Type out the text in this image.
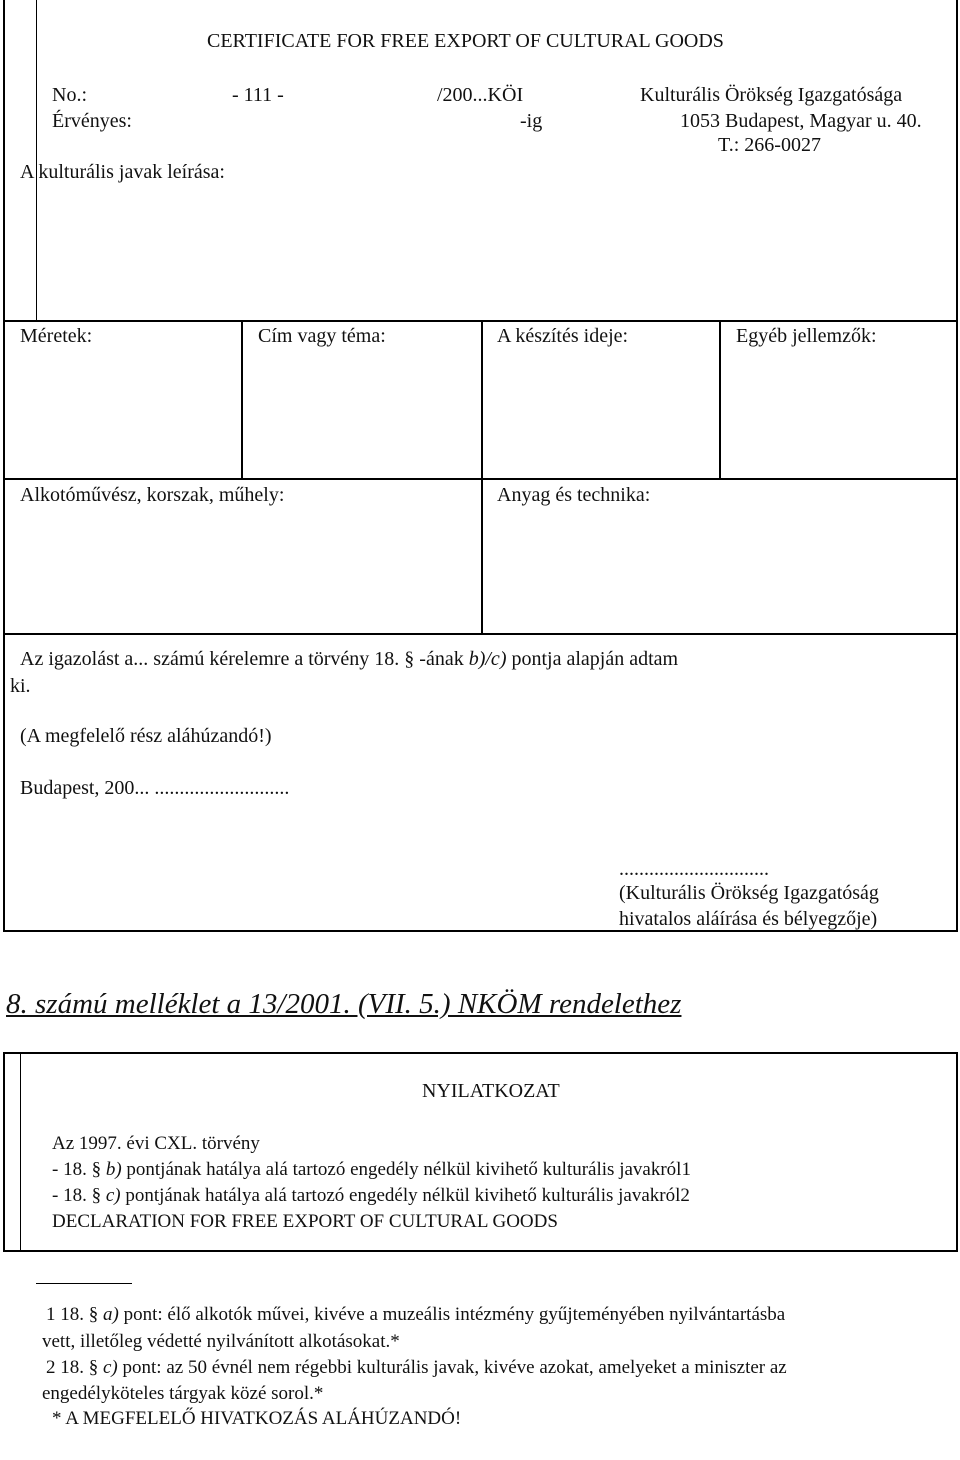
CERTIFICATE FOR FREE EXPORT OF CULTURAL GOODS
No.:	- 111 -	/200...KÖI	Kulturális Örökség Igazgatósága
Érvényes:	-ig	1053 Budapest, Magyar u. 40.
T.: 266-0027
A kulturális javak leírása:
Méretek:	Cím vagy téma:	A készítés ideje:	Egyéb jellemzők:
Alkotóművész, korszak, műhely:	Anyag és technika:
Az igazolást a... számú kérelemre a törvény 18. § -ának b)/c) pontja alapján adtam
ki.
(A megfelelő rész aláhúzandó!)
Budapest, 200... ...........................
..............................
(Kulturális Örökség Igazgatóság
hivatalos aláírása és bélyegzője)
8. számú melléklet a 13/2001. (VII. 5.) NKÖM rendelethez
NYILATKOZAT
Az 1997. évi CXL. törvény
- 18. § b) pontjának hatálya alá tartozó engedély nélkül kivihető kulturális javakról1
- 18. § c) pontjának hatálya alá tartozó engedély nélkül kivihető kulturális javakról2
DECLARATION FOR FREE EXPORT OF CULTURAL GOODS
1 18. § a) pont: élő alkotók művei, kivéve a muzeális intézmény gyűjteményében nyilvántartásba
vett, illetőleg védetté nyilvánított alkotásokat.*
2 18. § c) pont: az 50 évnél nem régebbi kulturális javak, kivéve azokat, amelyeket a miniszter az
engedélyköteles tárgyak közé sorol.*
* A MEGFELELŐ HIVATKOZÁS ALÁHÚZANDÓ!
